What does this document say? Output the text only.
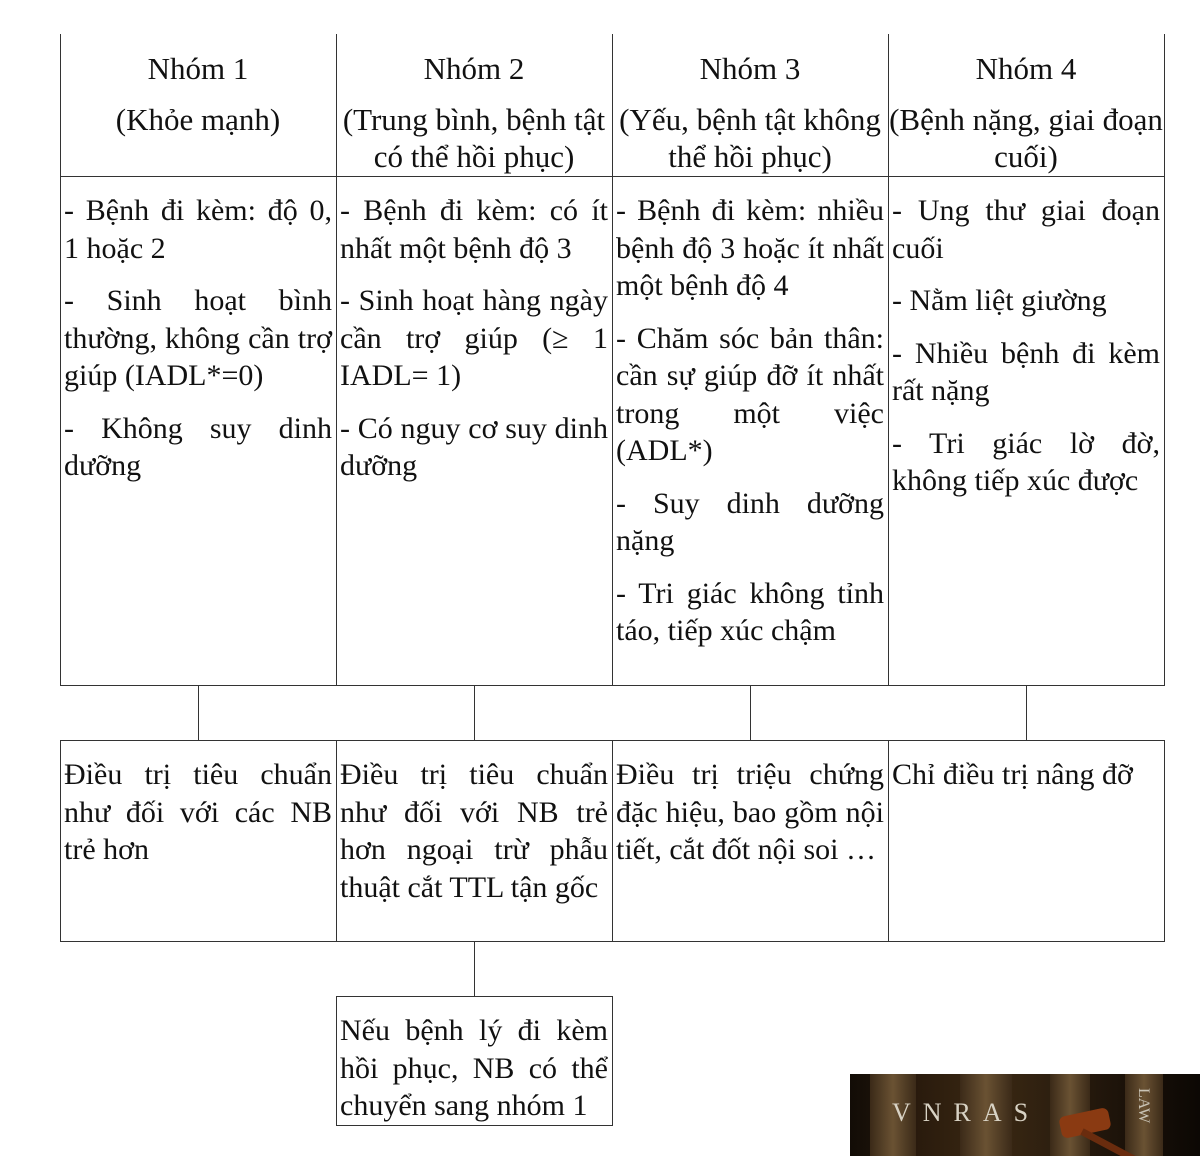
Nhóm 1
(Khỏe mạnh)
Nhóm 2
(Trung bình, bệnh tật có thể hồi phục)
Nhóm 3
(Yếu, bệnh tật không thể hồi phục)
Nhóm 4
(Bệnh nặng, giai đoạn cuối)

- Bệnh đi kèm: độ 0, 1 hoặc 2

- Sinh hoạt bình thường, không cần trợ giúp (IADL*=0)

- Không suy dinh dưỡng

- Bệnh đi kèm: có ít nhất một bệnh độ 3

- Sinh hoạt hàng ngày cần trợ giúp (≥ 1 IADL= 1)

- Có nguy cơ suy dinh dưỡng

- Bệnh đi kèm: nhiều bệnh độ 3 hoặc ít nhất một bệnh độ 4

- Chăm sóc bản thân: cần sự giúp đỡ ít nhất trong một việc (ADL*)

- Suy dinh dưỡng nặng

- Tri giác không tỉnh táo, tiếp xúc chậm

- Ung thư giai đoạn cuối

- Nằm liệt giường

- Nhiều bệnh đi kèm rất nặng

- Tri giác lờ đờ, không tiếp xúc được

Điều trị tiêu chuẩn như đối với các NB trẻ hơn
Điều trị tiêu chuẩn như đối với NB trẻ hơn ngoại trừ phẫu thuật cắt TTL tận gốc
Điều trị triệu chứng đặc hiệu, bao gồm nội tiết, cắt đốt nội soi …
Chỉ điều trị nâng đỡ
Nếu bệnh lý đi kèm hồi phục, NB có thể chuyển sang nhóm 1	VNRAS	LAW
